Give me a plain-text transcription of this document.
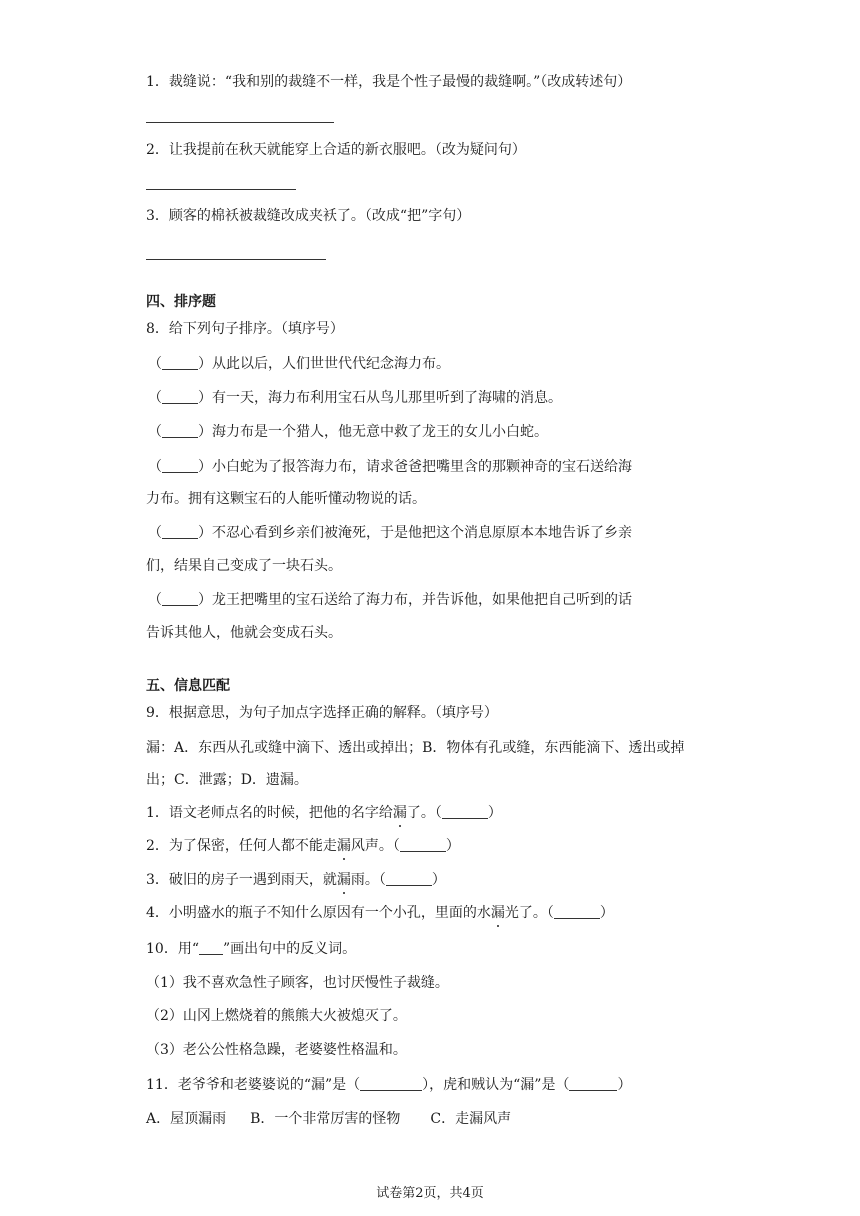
1．裁缝说：“我和别的裁缝不一样，我是个性子最慢的裁缝啊。”（改成转述句）
2．让我提前在秋天就能穿上合适的新衣服吧。（改为疑问句）
3．顾客的棉袄被裁缝改成夹袄了。（改成“把”字句）
四、排序题
8．给下列句子排序。（填序号）
（	）从此以后，人们世世代代纪念海力布。
（	）有一天，海力布利用宝石从鸟儿那里听到了海啸的消息。
（	）海力布是一个猎人，他无意中救了龙王的女儿小白蛇。
（	）小白蛇为了报答海力布，请求爸爸把嘴里含的那颗神奇的宝石送给海
力布。拥有这颗宝石的人能听懂动物说的话。
（	）不忍心看到乡亲们被淹死，于是他把这个消息原原本本地告诉了乡亲
们，结果自己变成了一块石头。
（	）龙王把嘴里的宝石送给了海力布，并告诉他，如果他把自己听到的话
告诉其他人，他就会变成石头。
五、信息匹配
9．根据意思，为句子加点字选择正确的解释。（填序号）
漏：A．东西从孔或缝中滴下、透出或掉出；B．物体有孔或缝，东西能滴下、透出或掉
出；C．泄露；D．遗漏。
1．语文老师点名的时候，把他的名字给漏了。（	）
2．为了保密，任何人都不能走漏风声。（	）
3．破旧的房子一遇到雨天，就漏雨。（	）
4．小明盛水的瓶子不知什么原因有一个小孔，里面的水漏光了。（	）
10．用“ ”画出句中的反义词。
（1）我不喜欢急性子顾客，也讨厌慢性子裁缝。
（2）山冈上燃烧着的熊熊大火被熄灭了。
（3）老公公性格急躁，老婆婆性格温和。
11．老爷爷和老婆婆说的“漏”是（	），虎和贼认为“漏”是（	）
A．屋顶漏雨 B．一个非常厉害的怪物 C．走漏风声
试卷第2页，共4页
